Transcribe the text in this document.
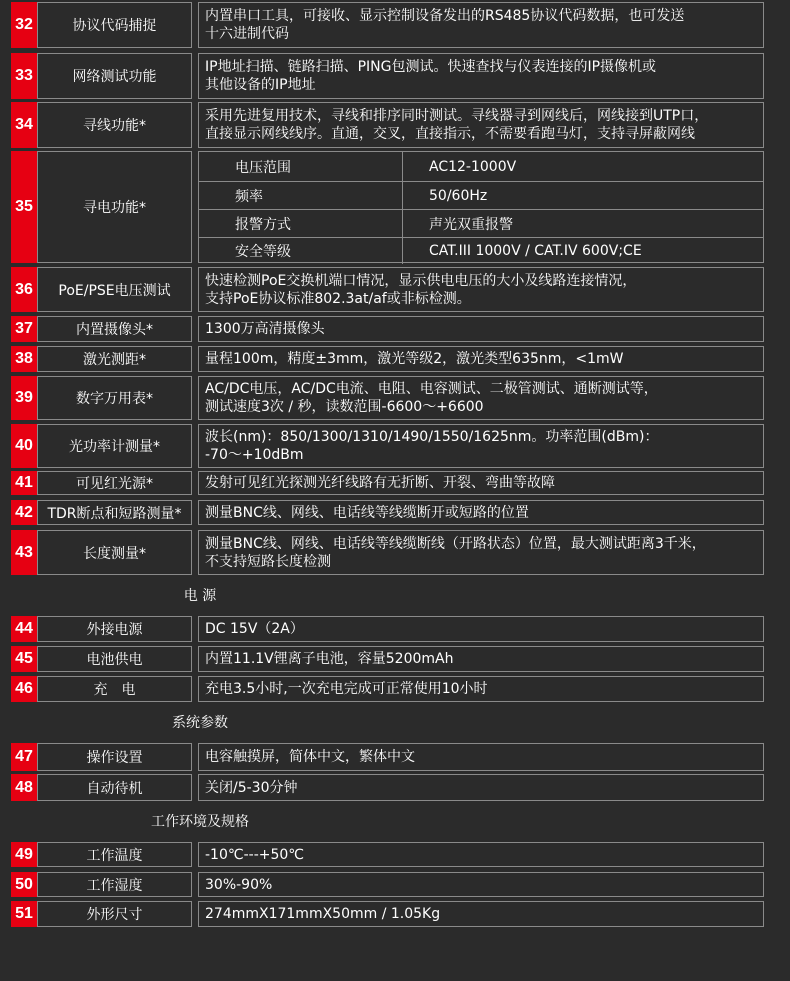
32	协议代码捕捉
内置串口工具，可接收、显示控制设备发出的RS485协议代码数据，也可发送
十六进制代码
33	网络测试功能
IP地址扫描、链路扫描、PING包测试。快速查找与仪表连接的IP摄像机或
其他设备的IP地址
34	寻线功能*
采用先进复用技术，寻线和排序同时测试。寻线器寻到网线后，网线接到UTP口，
直接显示网线线序。直通，交叉，直接指示，不需要看跑马灯，支持寻屏蔽网线
35	寻电功能*
电压范围	AC12-1000V
频率	50/60Hz
报警方式	声光双重报警
安全等级	CAT.III 1000V / CAT.IV 600V;CE
36	PoE/PSE电压测试
快速检测PoE交换机端口情况，显示供电电压的大小及线路连接情况，
支持PoE协议标准802.3at/af或非标检测。
37	内置摄像头*	1300万高清摄像头
38	激光测距*	量程100m，精度±3mm，激光等级2，激光类型635nm，<1mW
39	数字万用表*
AC/DC电压，AC/DC电流、电阻、电容测试、二极管测试、通断测试等，
测试速度3次 / 秒，读数范围-6600～+6600
40	光功率计测量*
波长(nm)：850/1300/1310/1490/1550/1625nm。功率范围(dBm)：
-70～+10dBm
41	可见红光源*	发射可见红光探测光纤线路有无折断、开裂、弯曲等故障
42	TDR断点和短路测量*	测量BNC线、网线、电话线等线缆断开或短路的位置
43	长度测量*
测量BNC线、网线、电话线等线缆断线（开路状态）位置，最大测试距离3千米，
不支持短路长度检测
电 源
44	外接电源	DC 15V（2A）
45	电池供电	内置11.1V锂离子电池，容量5200mAh
46	充　电	充电3.5小时,一次充电完成可正常使用10小时
系统参数
47	操作设置	电容触摸屏，简体中文，繁体中文
48	自动待机	关闭/5-30分钟
工作环境及规格
49	工作温度	-10℃---+50℃
50	工作湿度	30%-90%
51	外形尺寸	274mmX171mmX50mm / 1.05Kg
